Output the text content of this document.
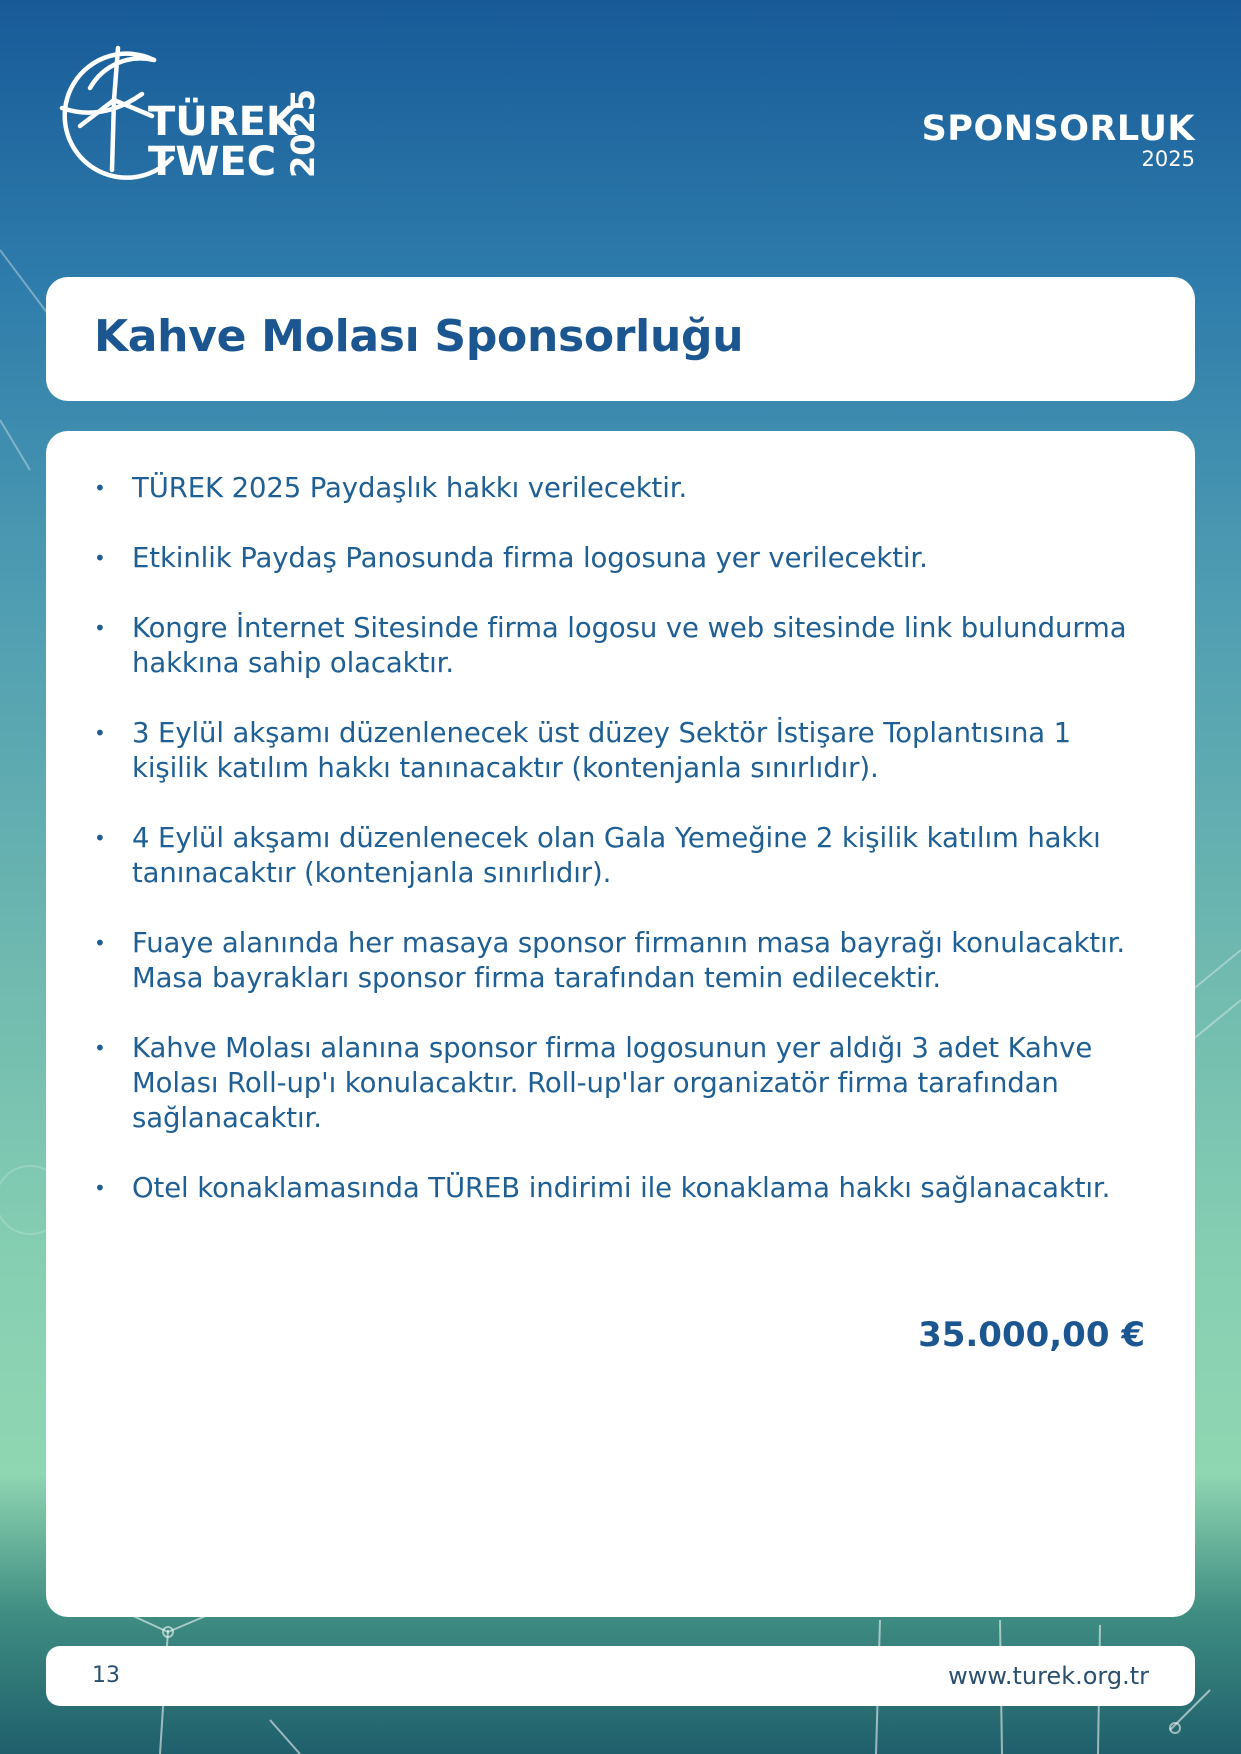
TÜREK
TWEC 2025	SPONSORLUK
2025
Kahve Molası Sponsorluğu
• TÜREK 2025 Paydaşlık hakkı verilecektir.
• Etkinlik Paydaş Panosunda firma logosuna yer verilecektir.
• Kongre İnternet Sitesinde firma logosu ve web sitesinde link bulundurma hakkına sahip olacaktır.
• 3 Eylül akşamı düzenlenecek üst düzey Sektör İstişare Toplantısına 1 kişilik katılım hakkı tanınacaktır (kontenjanla sınırlıdır).
• 4 Eylül akşamı düzenlenecek olan Gala Yemeğine 2 kişilik katılım hakkı tanınacaktır (kontenjanla sınırlıdır).
• Fuaye alanında her masaya sponsor firmanın masa bayrağı konulacaktır. Masa bayrakları sponsor firma tarafından temin edilecektir.
• Kahve Molası alanına sponsor firma logosunun yer aldığı 3 adet Kahve Molası Roll-up'ı konulacaktır. Roll-up'lar organizatör firma tarafından sağlanacaktır.
• Otel konaklamasında TÜREB indirimi ile konaklama hakkı sağlanacaktır.
35.000,00 €
13	www.turek.org.tr
